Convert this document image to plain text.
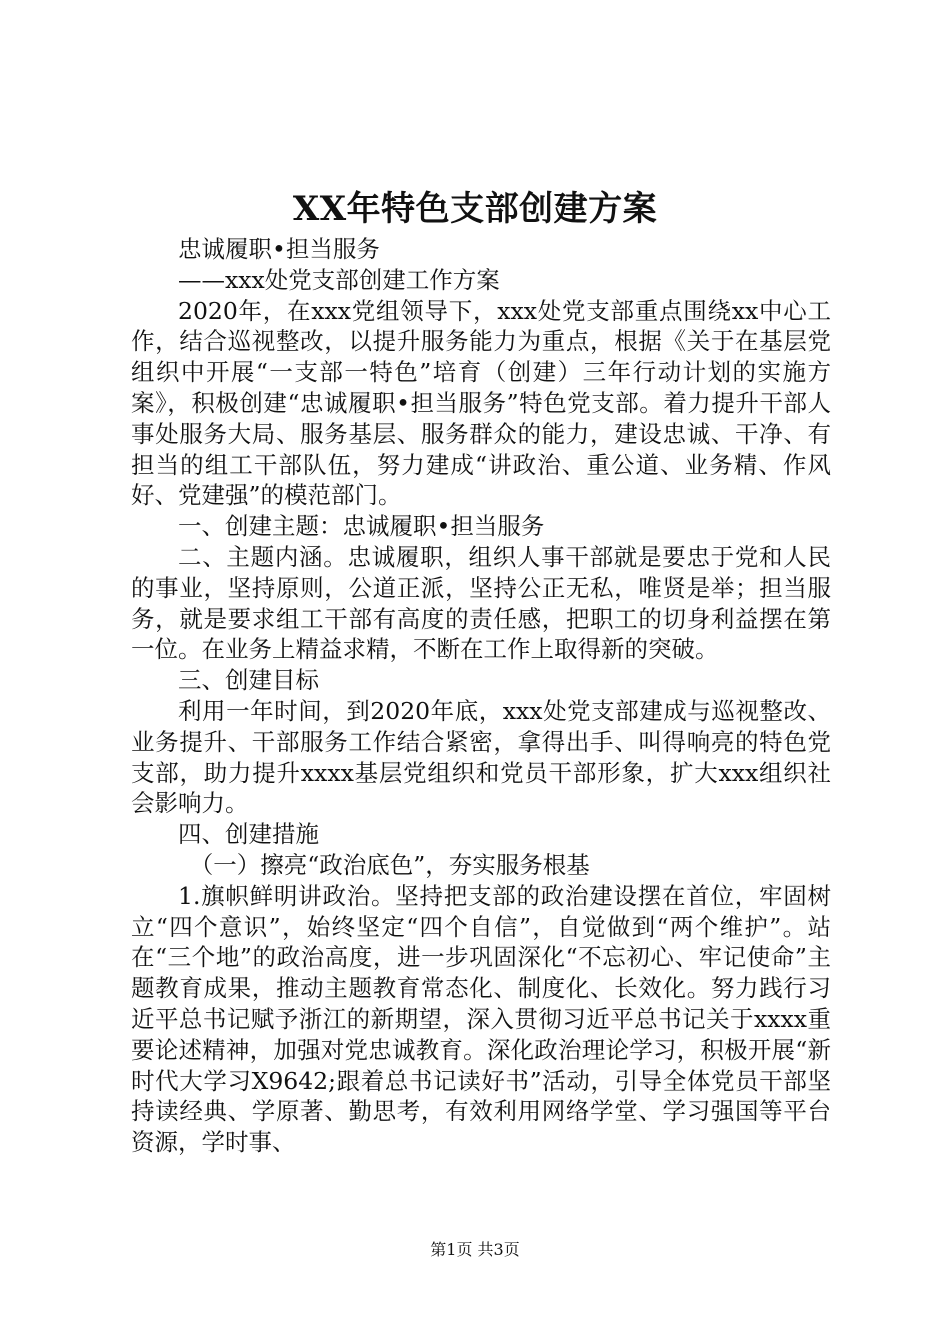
XX年特色支部创建方案

忠诚履职•担当服务

——xxx处党支部创建工作方案

2020年，在xxx党组领导下，xxx处党支部重点围绕xx中心工作，结合巡视整改，以提升服务能力为重点，根据《关于在基层党组织中开展“一支部一特色”培育（创建）三年行动计划的实施方案》，积极创建“忠诚履职•担当服务”特色党支部。着力提升干部人事处服务大局、服务基层、服务群众的能力，建设忠诚、干净、有担当的组工干部队伍，努力建成“讲政治、重公道、业务精、作风好、党建强”的模范部门。

一、创建主题：忠诚履职•担当服务

二、主题内涵。忠诚履职，组织人事干部就是要忠于党和人民的事业，坚持原则，公道正派，坚持公正无私，唯贤是举；担当服务，就是要求组工干部有高度的责任感，把职工的切身利益摆在第一位。在业务上精益求精，不断在工作上取得新的突破。

三、创建目标

利用一年时间，到2020年底，xxx处党支部建成与巡视整改、业务提升、干部服务工作结合紧密，拿得出手、叫得响亮的特色党支部，助力提升xxxx基层党组织和党员干部形象，扩大xxx组织社会影响力。

四、创建措施

（一）擦亮“政治底色”，夯实服务根基

1.旗帜鲜明讲政治。坚持把支部的政治建设摆在首位，牢固树立“四个意识”，始终坚定“四个自信”，自觉做到“两个维护”。站在“三个地”的政治高度，进一步巩固深化“不忘初心、牢记使命”主题教育成果，推动主题教育常态化、制度化、长效化。努力践行习近平总书记赋予浙江的新期望，深入贯彻习近平总书记关于xxxx重要论述精神，加强对党忠诚教育。深化政治理论学习，积极开展“新时代大学习X9642;跟着总书记读好书”活动，引导全体党员干部坚持读经典、学原著、勤思考，有效利用网络学堂、学习强国等平台资源，学时事、

第1页 共3页
